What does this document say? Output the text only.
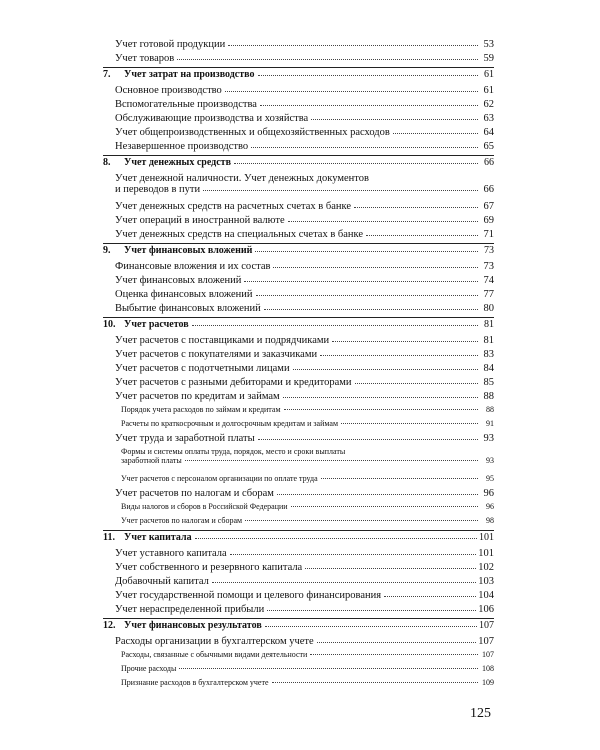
Учет готовой продукции	53
Учет товаров	59
7.	Учет затрат на производство	61
Основное производство	61
Вспомогательные производства	62
Обслуживающие производства и хозяйства	63
Учет общепроизводственных и общехозяйственных расходов	64
Незавершенное производство	65
8.	Учет денежных средств	66
Учет денежной наличности. Учет денежных документов
и переводов в пути	66
Учет денежных средств на расчетных счетах в банке	67
Учет операций в иностранной валюте	69
Учет денежных средств на специальных счетах в банке	71
9.	Учет финансовых вложений	73
Финансовые вложения и их состав	73
Учет финансовых вложений	74
Оценка финансовых вложений	77
Выбытие финансовых вложений	80
10. Учет расчетов	81
Учет расчетов с поставщиками и подрядчиками	81
Учет расчетов с покупателями и заказчиками	83
Учет расчетов с подотчетными лицами	84
Учет расчетов с разными дебиторами и кредиторами	85
Учет расчетов по кредитам и займам	88
Порядок учета расходов по займам и кредитам	88
Расчеты по краткосрочным и долгосрочным кредитам и займам	91
Учет труда и заработной платы	93
Формы и системы оплаты труда, порядок, место и сроки выплаты
заработной платы	93
Учет расчетов с персоналом организации по оплате труда	95
Учет расчетов по налогам и сборам	96
Виды налогов и сборов в Российской Федерации	96
Учет расчетов по налогам и сборам	98
11. Учет капитала	101
Учет уставного капитала	101
Учет собственного и резервного капитала	102
Добавочный капитал	103
Учет государственной помощи и целевого финансирования	104
Учет нераспределенной прибыли	106
12. Учет финансовых результатов	107
Расходы организации в бухгалтерском учете	107
Расходы, связанные с обычными видами деятельности	107
Прочие расходы	108
Признание расходов в бухгалтерском учете	109
125
